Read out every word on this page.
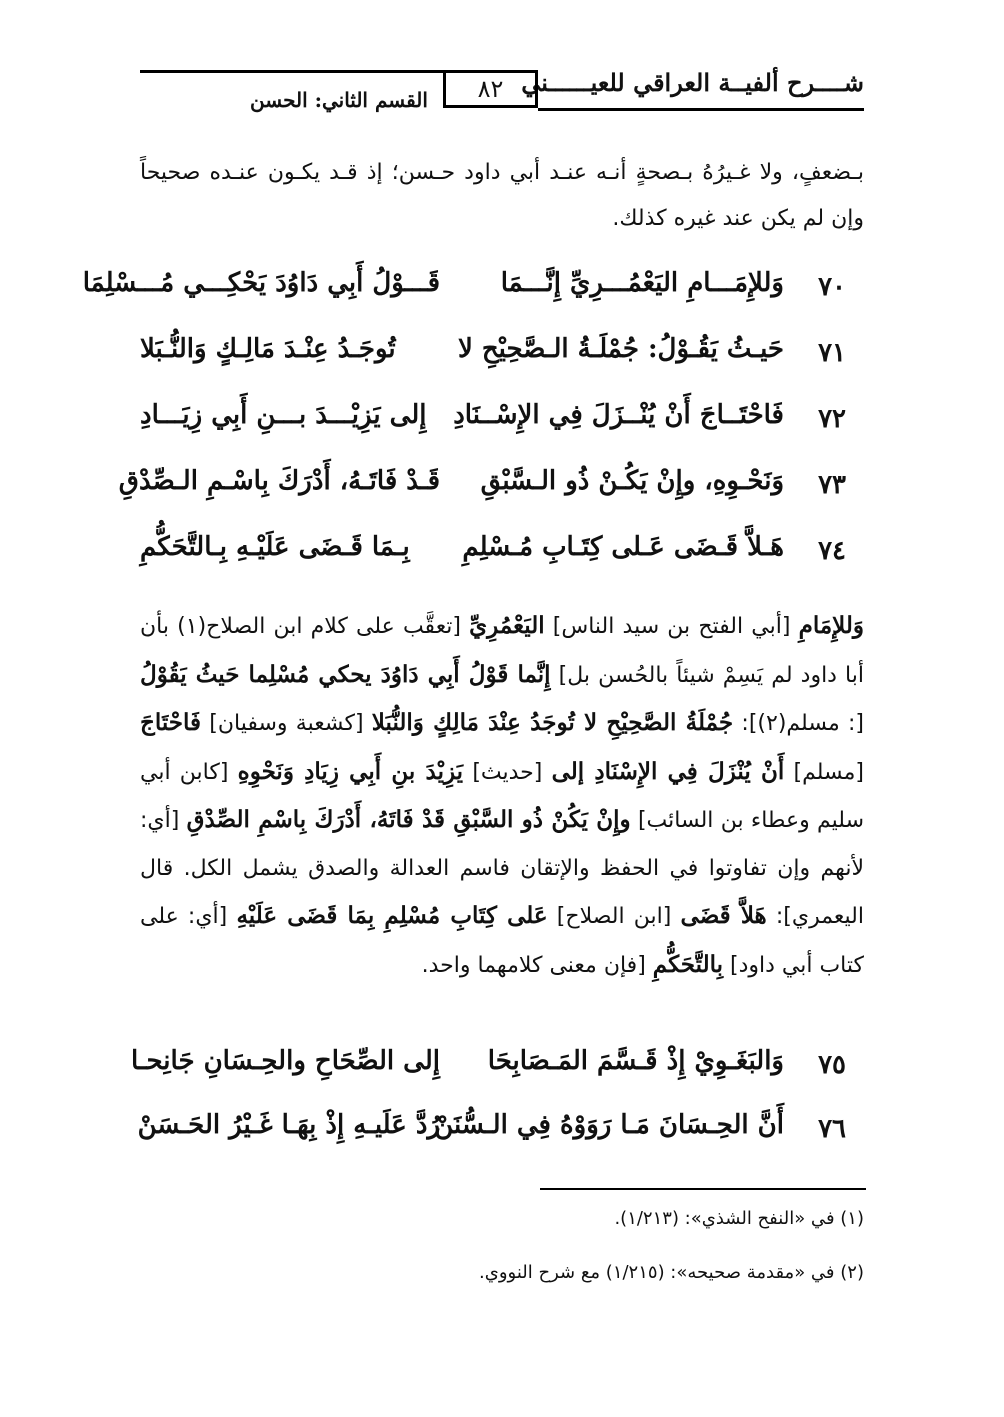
شــــرح ألفيــة العراقي للعيــــــني
٨٢
القسم الثاني: الحسن

بـضعفٍ، ولا غـيرُهُ بـصحةٍ أنـه عنـد أبي داود حـسن؛ إذ قـد يكـون عنـده صحيحاً وإن لم يكن عند غيره كذلك.

٧٠
وَللإِمَـــامِ اليَعْمُـــرِيِّ إِنَّـــمَا
قَـــوْلُ أَبِي دَاوُدَ يَحْكِـــي مُـــسْلِمَا
٧١
حَيـثُ يَقُـوْلُ: جُمْلَـةُ الـصَّحِيْحِ لا
تُوجَـدُ عِنْـدَ مَالِـكٍ وَالنُّـبَلا
٧٢
فَاحْتَــاجَ أَنْ يُنْــزَلَ فِي الإِسْــنَادِ
إِلى يَزِيْـــدَ بـــنِ أَبِي زِيَـــادِ
٧٣
وَنَحْـوِهِ، وإِنْ يَكُـنْ ذُو الـسَّبْقِ
قَـدْ فَاتَـهُ، أَدْرَكَ بِاسْـمِ الـصِّدْقِ
٧٤
هَـلاَّ قَـضَى عَـلى كِتَـابِ مُـسْلِمِ
بِـمَا قَـضَى عَلَيْـهِ بِـالتَّحَكُّمِ

وَللإِمَامِ [أبي الفتح بن سيد الناس] اليَعْمُرِيِّ [تعقَّب على كلام ابن الصلاح(١) بأن أبا داود لم يَسِمْ شيئاً بالحُسن بل] إِنَّما قَوْلُ أَبِي دَاوُدَ يحكي مُسْلِما حَيثُ يَقُوْلُ [: مسلم(٢)]: جُمْلَةُ الصَّحِيْحِ لا تُوجَدُ عِنْدَ مَالِكٍ وَالنُّبَلا [كشعبة وسفيان] فَاحْتَاجَ [مسلم] أَنْ يُنْزَلَ فِي الإِسْنَادِ إلى [حديث] يَزِيْدَ بنِ أَبِي زِيَادِ وَنَحْوِهِ [كابن أبي سليم وعطاء بن السائب] وإِنْ يَكُنْ ذُو السَّبْقِ قَدْ فَاتَهُ، أَدْرَكَ بِاسْمِ الصِّدْقِ [أي: لأنهم وإن تفاوتوا في الحفظ والإتقان فاسم العدالة والصدق يشمل الكل. قال اليعمري]: هَلاَّ قَضَى [ابن الصلاح] عَلى كِتَابِ مُسْلِمِ بِمَا قَضَى عَلَيْهِ [أي: على كتاب أبي داود] بِالتَّحَكُّمِ [فإن معنى كلامهما واحد.

٧٥
وَالبَغَـوِيْ إِذْ قَـسَّمَ المَـصَابِحَا
إِلى الصِّحَاحِ والحِـسَانِ جَانِحـا
٧٦
أَنَّ الحِـسَانَ مَـا رَوَوْهُ فِي الـسُّنَنْ
رُدَّ عَلَيـهِ إِذْ بِهَـا غَـيْرُ الحَـسَنْ
(١) في «النفح الشذي»: (١/٢١٣).
(٢) في «مقدمة صحيحه»: (١/٢١٥) مع شرح النووي.
